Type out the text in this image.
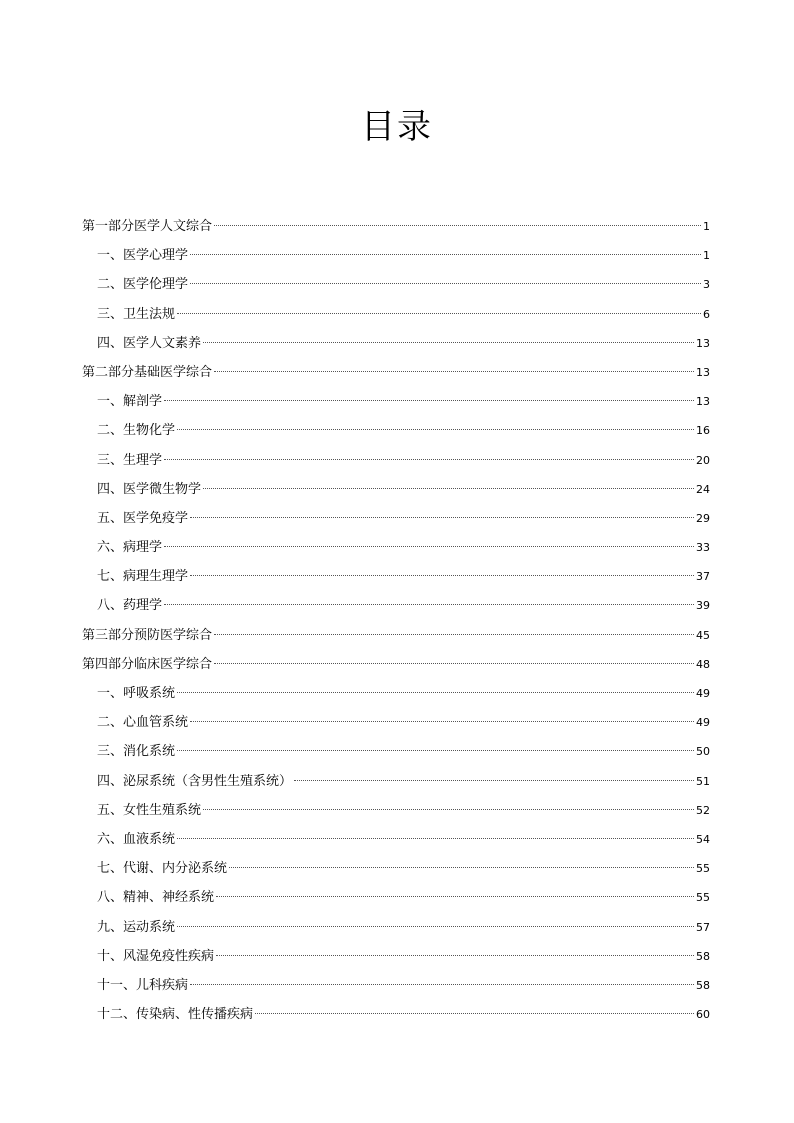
目录
第一部分医学人文综合	1
一、医学心理学	1
二、医学伦理学	3
三、卫生法规	6
四、医学人文素养	13
第二部分基础医学综合	13
一、解剖学	13
二、生物化学	16
三、生理学	20
四、医学微生物学	24
五、医学免疫学	29
六、病理学	33
七、病理生理学	37
八、药理学	39
第三部分预防医学综合	45
第四部分临床医学综合	48
一、呼吸系统	49
二、心血管系统	49
三、消化系统	50
四、泌尿系统（含男性生殖系统）	51
五、女性生殖系统	52
六、血液系统	54
七、代谢、内分泌系统	55
八、精神、神经系统	55
九、运动系统	57
十、风湿免疫性疾病	58
十一、儿科疾病	58
十二、传染病、性传播疾病	60
